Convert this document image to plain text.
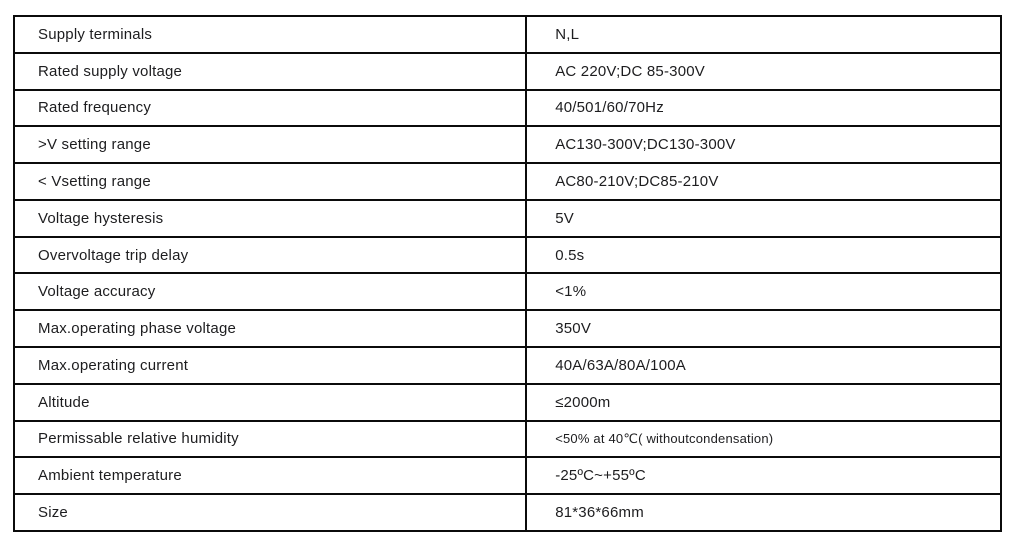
Supply terminals	N,L
Rated supply voltage	AC 220V;DC 85-300V
Rated frequency	40/501/60/70Hz
>V setting range	AC130-300V;DC130-300V
< Vsetting range	AC80-210V;DC85-210V
Voltage hysteresis	5V
Overvoltage trip delay	0.5s
Voltage accuracy	<1%
Max.operating phase voltage	350V
Max.operating current	40A/63A/80A/100A
Altitude	≤2000m
Permissable relative humidity	<50% at 40℃( withoutcondensation)
Ambient temperature	-25ºC~+55ºC
Size	81*36*66mm
